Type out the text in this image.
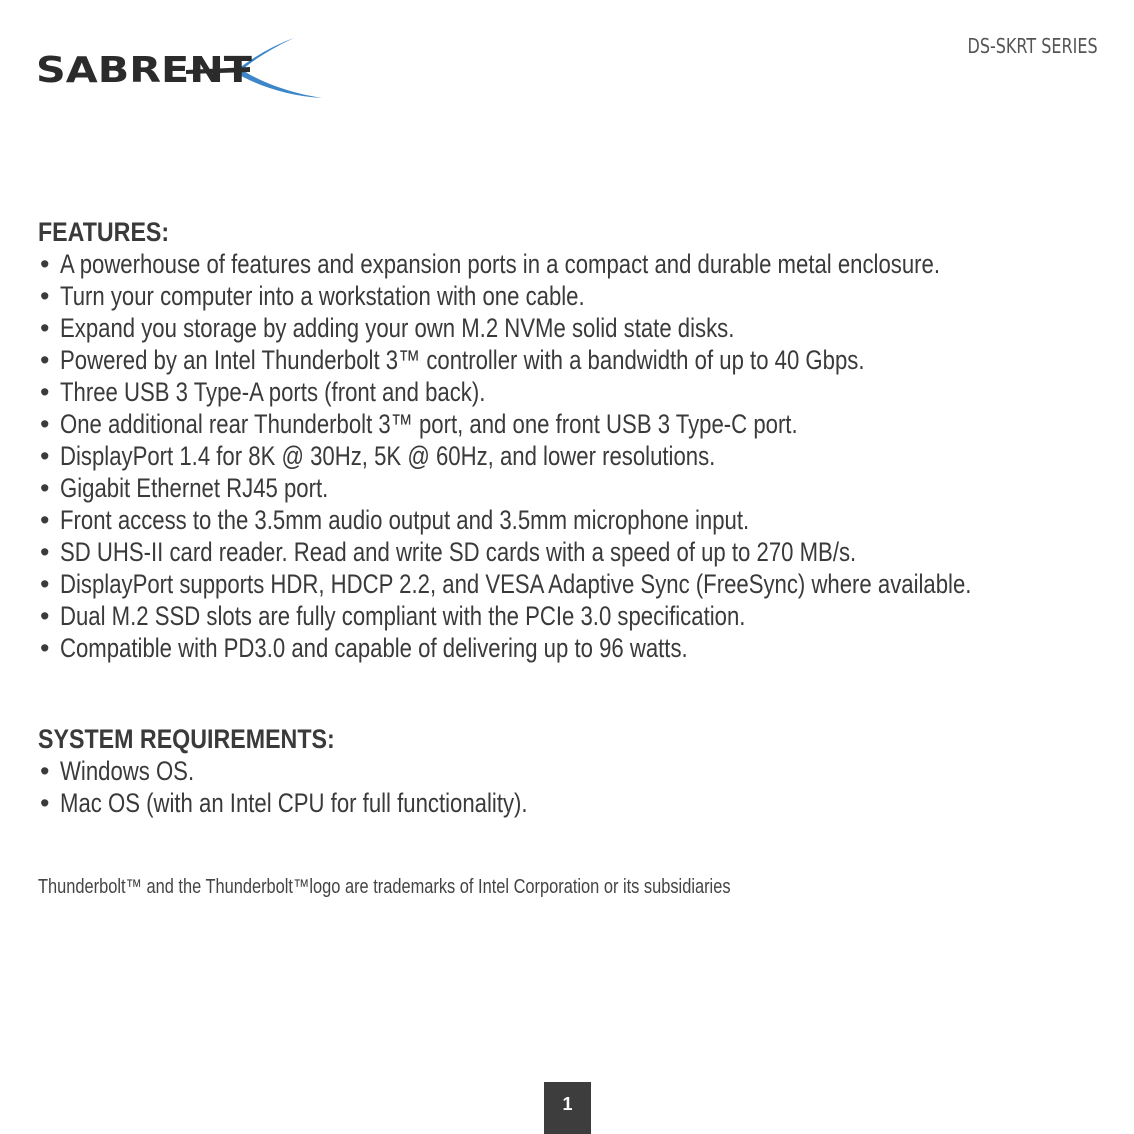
SABRENT
DS-SKRT SERIES
FEATURES:
• A powerhouse of features and expansion ports in a compact and durable metal enclosure.
• Turn your computer into a workstation with one cable.
• Expand you storage by adding your own M.2 NVMe solid state disks.
• Powered by an Intel Thunderbolt 3™ controller with a bandwidth of up to 40 Gbps.
• Three USB 3 Type-A ports (front and back).
• One additional rear Thunderbolt 3™ port, and one front USB 3 Type-C port.
• DisplayPort 1.4 for 8K @ 30Hz, 5K @ 60Hz, and lower resolutions.
• Gigabit Ethernet RJ45 port.
• Front access to the 3.5mm audio output and 3.5mm microphone input.
• SD UHS-II card reader. Read and write SD cards with a speed of up to 270 MB/s.
• DisplayPort supports HDR, HDCP 2.2, and VESA Adaptive Sync (FreeSync) where available.
• Dual M.2 SSD slots are fully compliant with the PCIe 3.0 specification.
• Compatible with PD3.0 and capable of delivering up to 96 watts.
SYSTEM REQUIREMENTS:
• Windows OS.
• Mac OS (with an Intel CPU for full functionality).
Thunderbolt™ and the Thunderbolt™logo are trademarks of Intel Corporation or its subsidiaries
1
